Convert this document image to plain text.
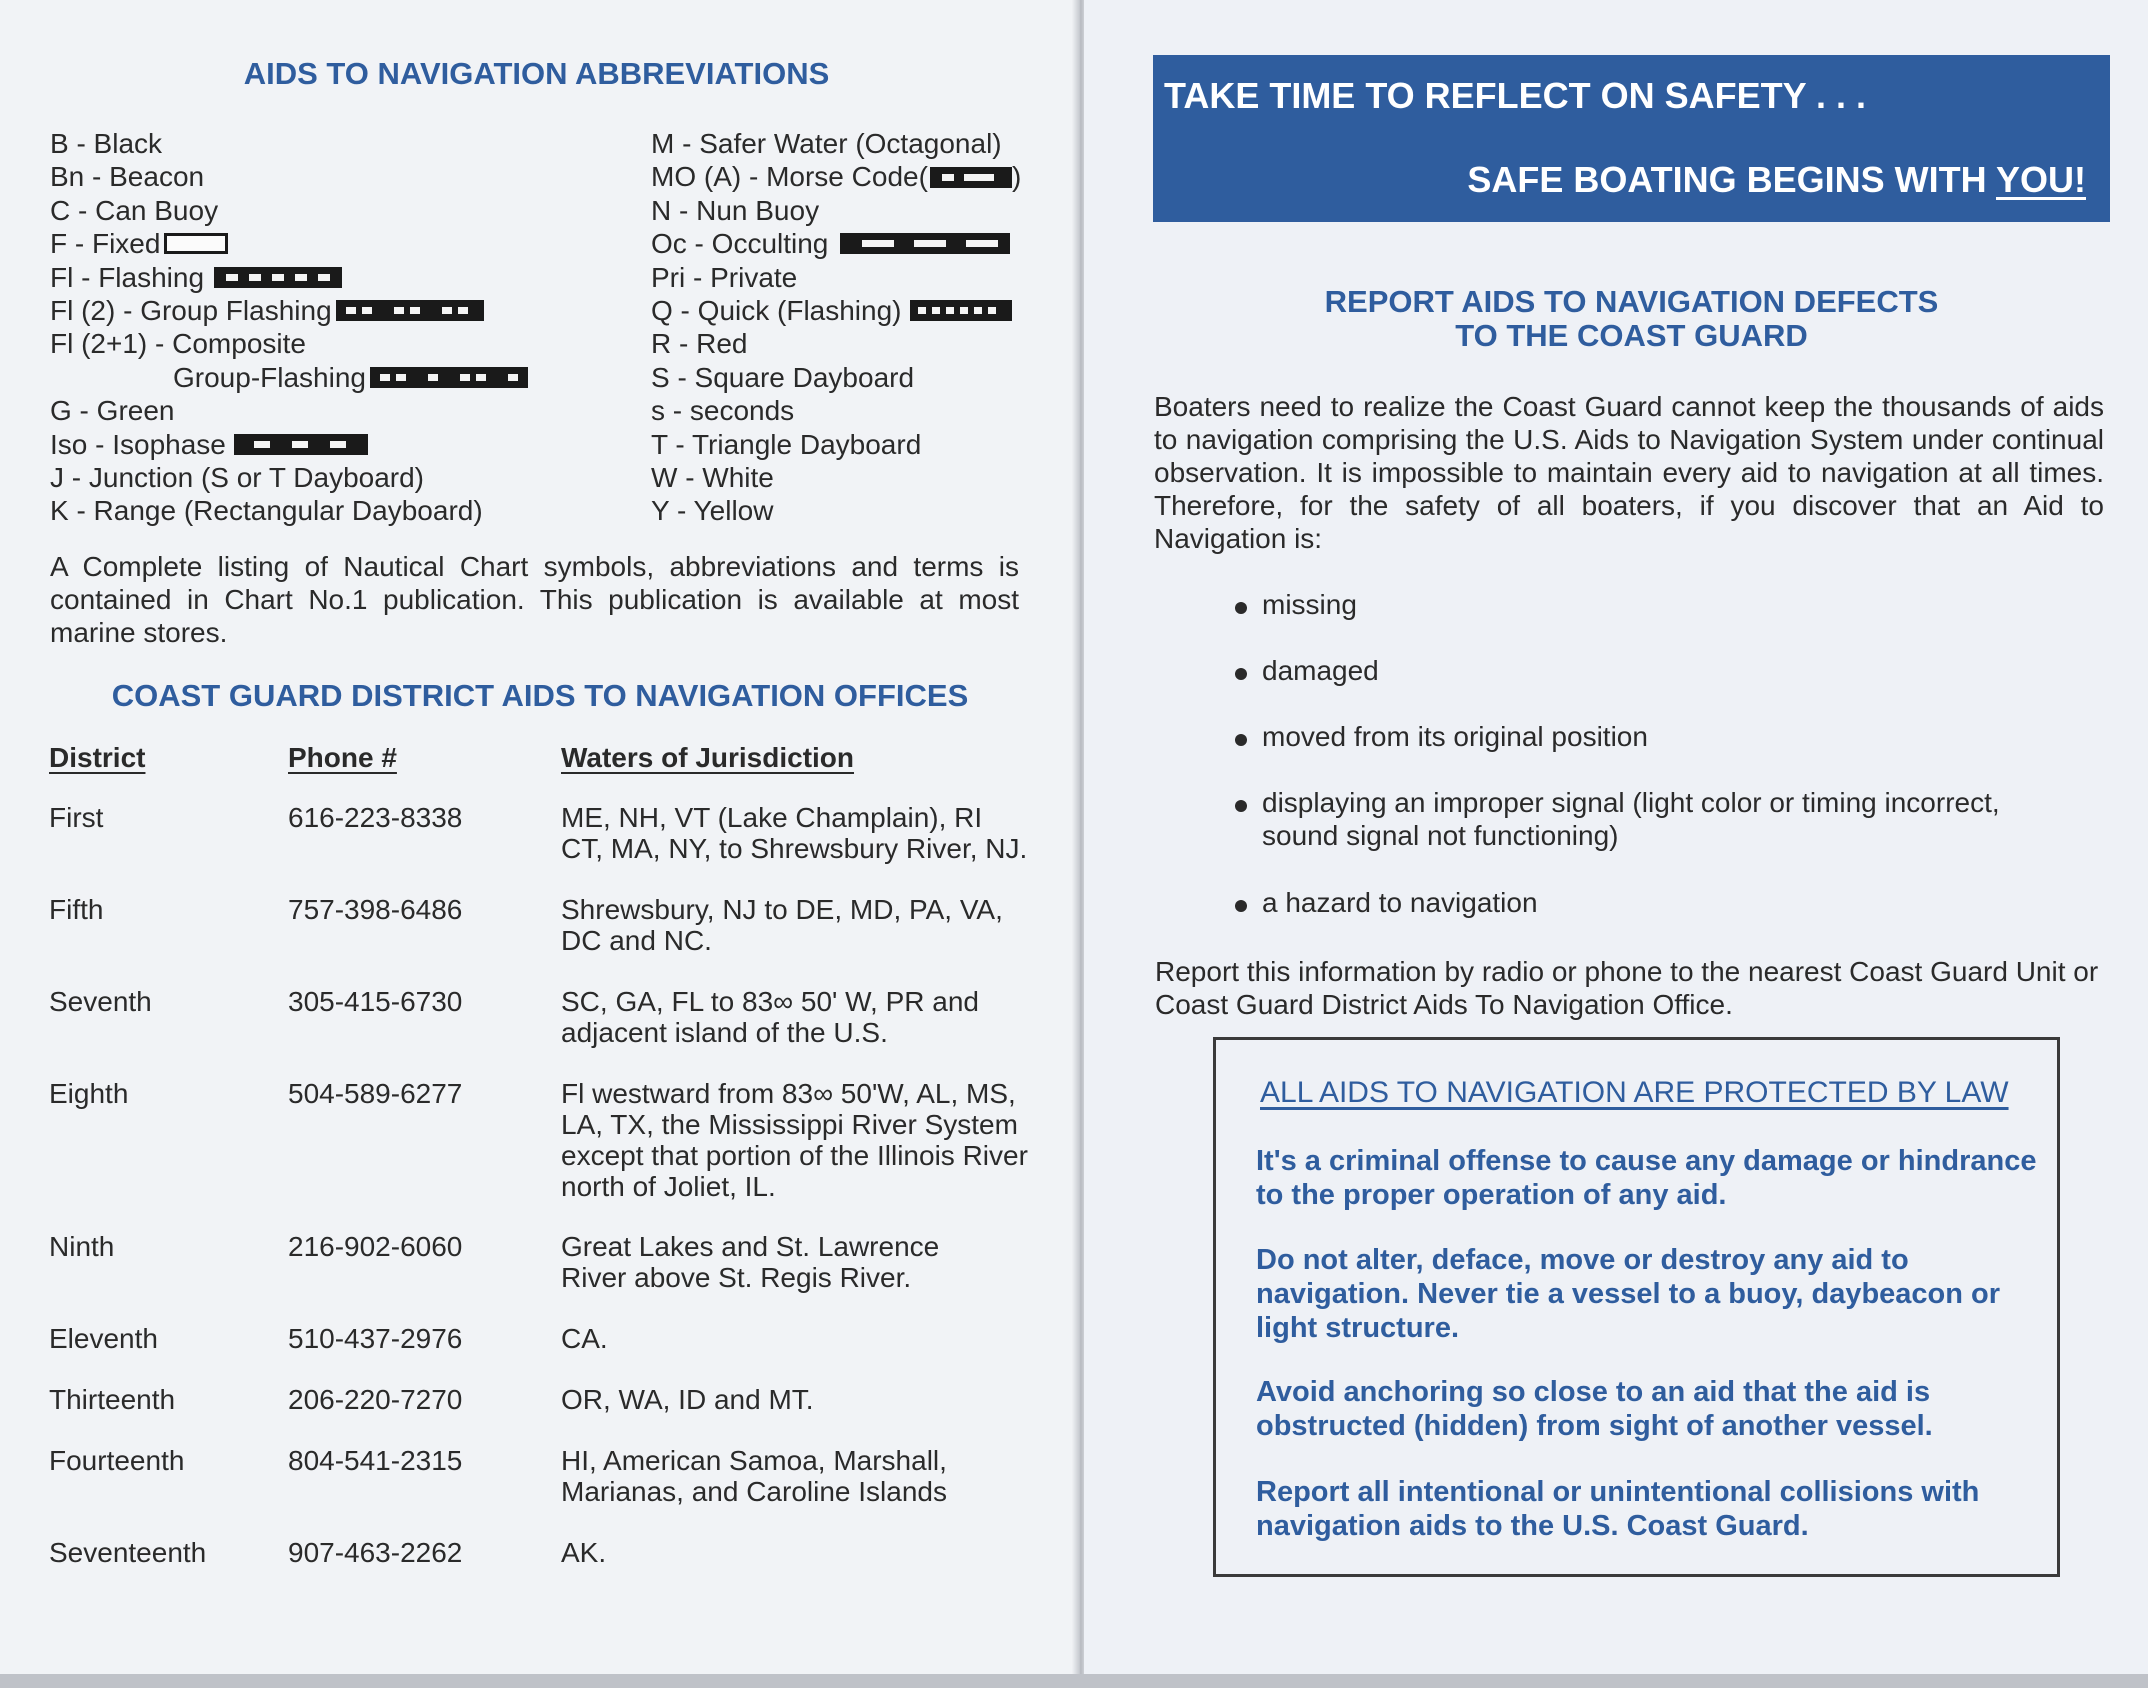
AIDS TO NAVIGATION ABBREVIATIONS
B - Black
Bn - Beacon
C - Can Buoy
F - Fixed
Fl - Flashing
Fl (2) - Group Flashing
Fl (2+1) - Composite
Group-Flashing
G - Green
Iso - Isophase
J - Junction (S or T Dayboard)
K - Range (Rectangular Dayboard)
M - Safer Water (Octagonal)
MO (A) - Morse Code(	)
N - Nun Buoy
Oc - Occulting
Pri - Private
Q - Quick (Flashing)
R - Red
S - Square Dayboard
s - seconds
T - Triangle Dayboard
W - White
Y - Yellow
A Complete listing of Nautical Chart symbols, abbreviations and terms is contained in Chart No.1 publication. This publication is available at most marine stores.
COAST GUARD DISTRICT AIDS TO NAVIGATION OFFICES
District	Phone #	Waters of Jurisdiction
First	616-223-8338	ME, NH, VT (Lake Champlain), RI
CT, MA, NY, to Shrewsbury River, NJ.
Fifth	757-398-6486	Shrewsbury, NJ to DE, MD, PA, VA,
DC and NC.
Seventh	305-415-6730	SC, GA, FL to 83∞ 50' W, PR and
adjacent island of the U.S.
Eighth	504-589-6277	Fl westward from 83∞ 50'W, AL, MS,
LA, TX, the Mississippi River System
except that portion of the Illinois River
north of Joliet, IL.
Ninth	216-902-6060	Great Lakes and St. Lawrence
River above St. Regis River.
Eleventh	510-437-2976	CA.
Thirteenth	206-220-7270	OR, WA, ID and MT.
Fourteenth	804-541-2315	HI, American Samoa, Marshall,
Marianas, and Caroline Islands
Seventeenth	907-463-2262	AK.
TAKE TIME TO REFLECT ON SAFETY . . .
SAFE BOATING BEGINS WITH YOU!
REPORT AIDS TO NAVIGATION DEFECTS
TO THE COAST GUARD
Boaters need to realize the Coast Guard cannot keep the thousands of aids to navigation comprising the U.S. Aids to Navigation System under continual observation. It is impossible to maintain every aid to navigation at all times. Therefore, for the safety of all boaters, if you discover that an Aid to Navigation is:
missing
damaged
moved from its original position
displaying an improper signal (light color or timing incorrect, sound signal not functioning)
a hazard to navigation
Report this information by radio or phone to the nearest Coast Guard Unit or Coast Guard District Aids To Navigation Office.
ALL AIDS TO NAVIGATION ARE PROTECTED BY LAW
It's a criminal offense to cause any damage or hindrance to the proper operation of any aid.
Do not alter, deface, move or destroy any aid to navigation. Never tie a vessel to a buoy, daybeacon or light structure.
Avoid anchoring so close to an aid that the aid is obstructed (hidden) from sight of another vessel.
Report all intentional or unintentional collisions with navigation aids to the U.S. Coast Guard.
